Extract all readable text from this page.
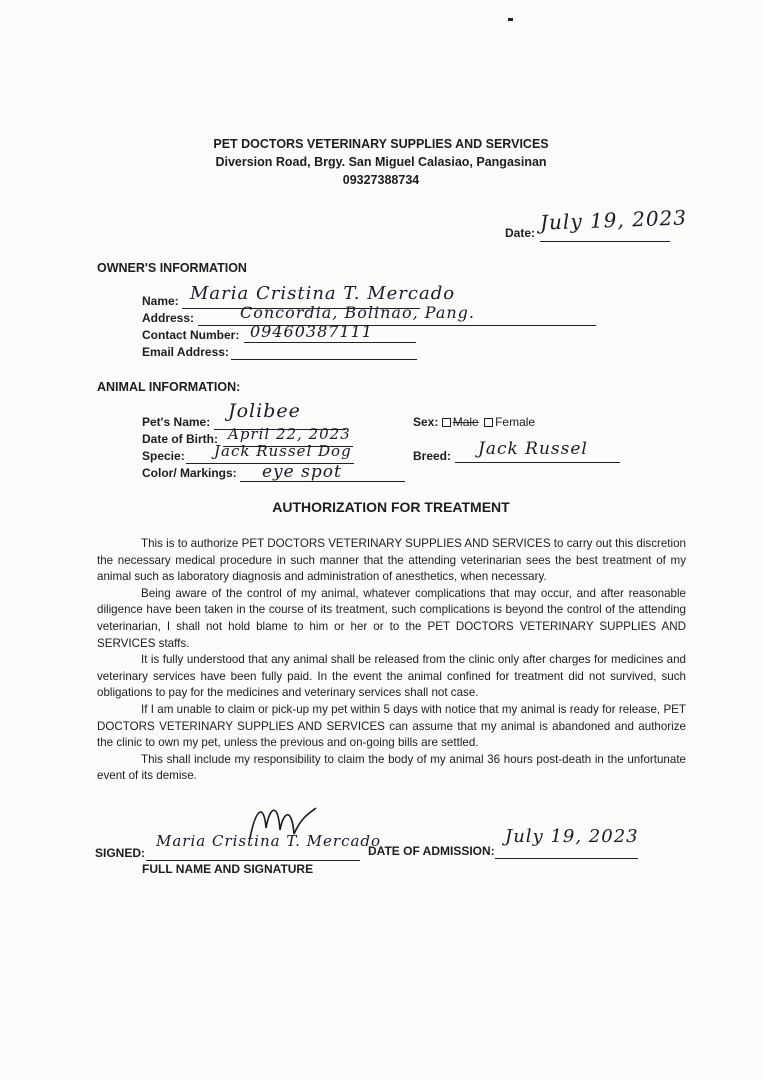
PET DOCTORS VETERINARY SUPPLIES AND SERVICES
Diversion Road, Brgy. San Miguel Calasiao, Pangasinan
09327388734
Date: July 19, 2023
OWNER'S INFORMATION
Name: Maria Cristina T. Mercado
Address:	Concordia, Bolinao, Pang.
Contact Number: 09460387111
Email Address:
ANIMAL INFORMATION:
Pet's Name: Jolibee
Date of Birth: April 22, 2023
Specie: Jack Russel Dog
Color/ Markings: eye spot
Sex: Male Female
Breed: Jack Russel
AUTHORIZATION FOR TREATMENT

This is to authorize PET DOCTORS VETERINARY SUPPLIES AND SERVICES to carry out this discretion the necessary medical procedure in such manner that the attending veterinarian sees the best treatment of my animal such as laboratory diagnosis and administration of anesthetics, when necessary.

Being aware of the control of my animal, whatever complications that may occur, and after reasonable diligence have been taken in the course of its treatment, such complications is beyond the control of the attending veterinarian, I shall not hold blame to him or her or to the PET DOCTORS VETERINARY SUPPLIES AND SERVICES staffs.

It is fully understood that any animal shall be released from the clinic only after charges for medicines and veterinary services have been fully paid. In the event the animal confined for treatment did not survived, such obligations to pay for the medicines and veterinary services shall not case.

If I am unable to claim or pick-up my pet within 5 days with notice that my animal is ready for release, PET DOCTORS VETERINARY SUPPLIES AND SERVICES can assume that my animal is abandoned and authorize the clinic to own my pet, unless the previous and on-going bills are settled.

This shall include my responsibility to claim the body of my animal 36 hours post-death in the unfortunate event of its demise.

SIGNED:
Maria Cristina T. Mercado
FULL NAME AND SIGNATURE
DATE OF ADMISSION:
July 19, 2023
